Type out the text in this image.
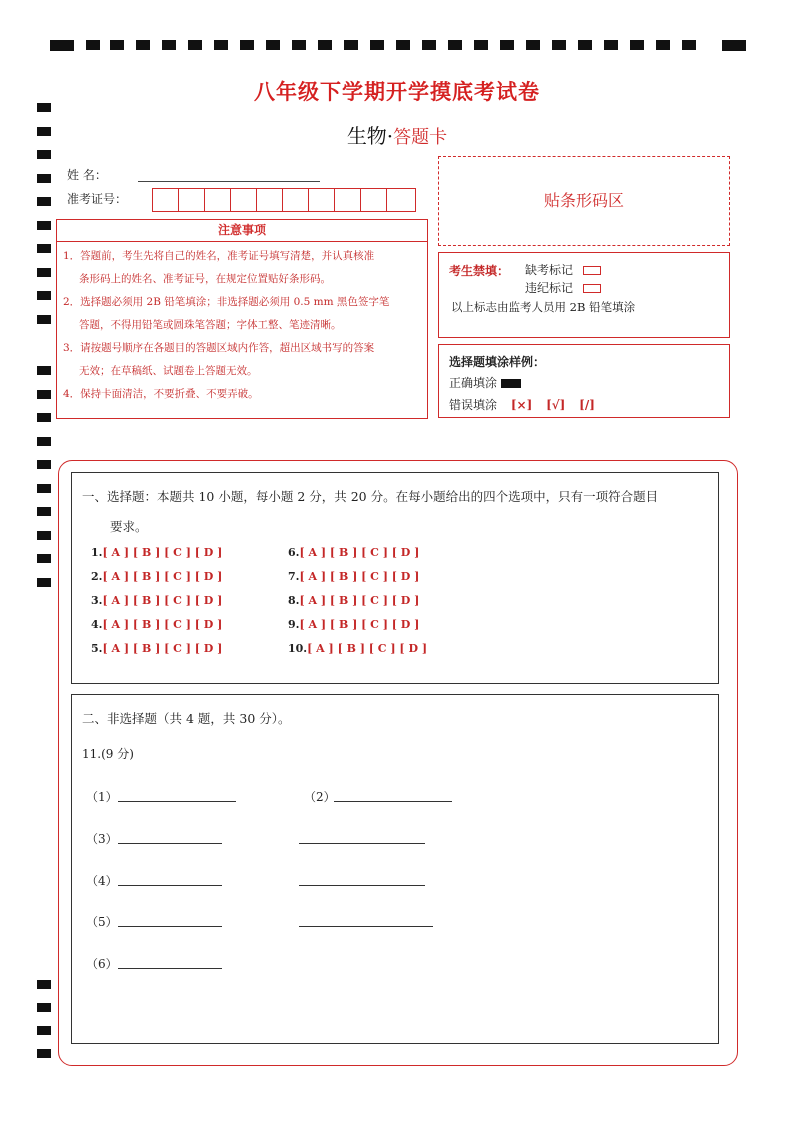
八年级下学期开学摸底考试卷
生物·答题卡
姓 名：
准考证号：	贴条形码区
注意事项
1．答题前，考生先将自己的姓名，准考证号填写清楚，并认真核准
条形码上的姓名、准考证号，在规定位置贴好条形码。
2．选择题必须用 2B 铅笔填涂；非选择题必须用 0.5 mm 黑色签字笔
答题，不得用铅笔或圆珠笔答题；字体工整、笔迹清晰。
3．请按题号顺序在各题目的答题区域内作答，超出区域书写的答案
无效；在草稿纸、试题卷上答题无效。
4．保持卡面清洁，不要折叠、不要弄破。
考生禁填： 缺考标记
违纪标记
以上标志由监考人员用 2B 铅笔填涂
选择题填涂样例：
正确填涂
错误填涂 [×] [√] [/]
一、选择题：本题共 10 小题，每小题 2 分，共 20 分。在每小题给出的四个选项中，只有一项符合题目
要求。
1.[ A ] [ B ] [ C ] [ D ]
2.[ A ] [ B ] [ C ] [ D ]
3.[ A ] [ B ] [ C ] [ D ]
4.[ A ] [ B ] [ C ] [ D ]
5.[ A ] [ B ] [ C ] [ D ]
6.[ A ] [ B ] [ C ] [ D ]
7.[ A ] [ B ] [ C ] [ D ]
8.[ A ] [ B ] [ C ] [ D ]
9.[ A ] [ B ] [ C ] [ D ]
10.[ A ] [ B ] [ C ] [ D ]
二、非选择题（共 4 题，共 30 分）。
11.(9 分)
（1）	（2）
（3）
（4）
（5）
（6）
